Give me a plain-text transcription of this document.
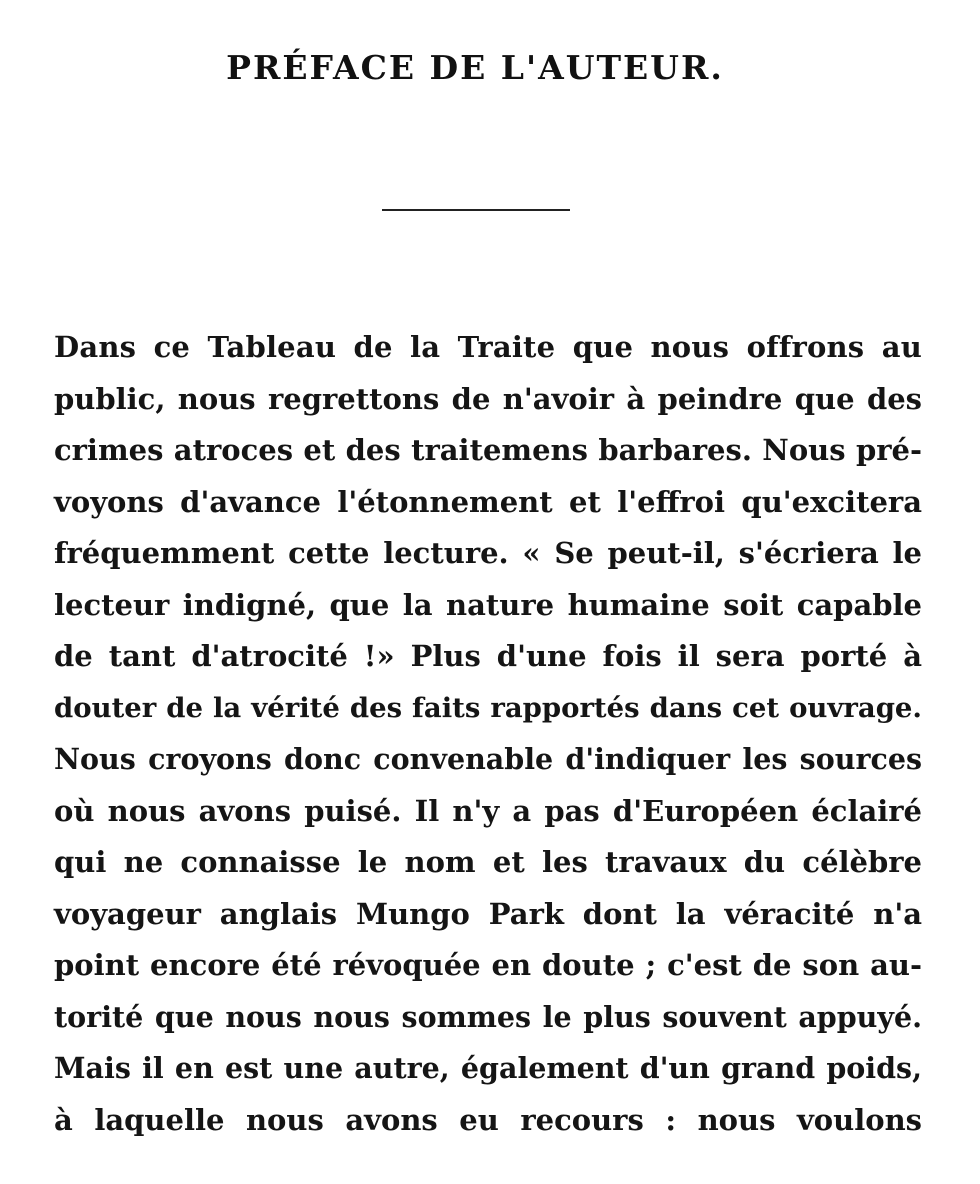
PRÉFACE DE L'AUTEUR.
Dans ce Tableau de la Traite que nous offrons au
public, nous regrettons de n'avoir à peindre que des
crimes atroces et des traitemens barbares. Nous pré-
voyons d'avance l'étonnement et l'effroi qu'excitera
fréquemment cette lecture. « Se peut-il, s'écriera le
lecteur indigné, que la nature humaine soit capable
de tant d'atrocité !» Plus d'une fois il sera porté à
douter de la vérité des faits rapportés dans cet ouvrage.
Nous croyons donc convenable d'indiquer les sources
où nous avons puisé. Il n'y a pas d'Européen éclairé
qui ne connaisse le nom et les travaux du célèbre
voyageur anglais Mungo Park dont la véracité n'a
point encore été révoquée en doute ; c'est de son au-
torité que nous nous sommes le plus souvent appuyé.
Mais il en est une autre, également d'un grand poids,
à laquelle nous avons eu recours : nous voulons
